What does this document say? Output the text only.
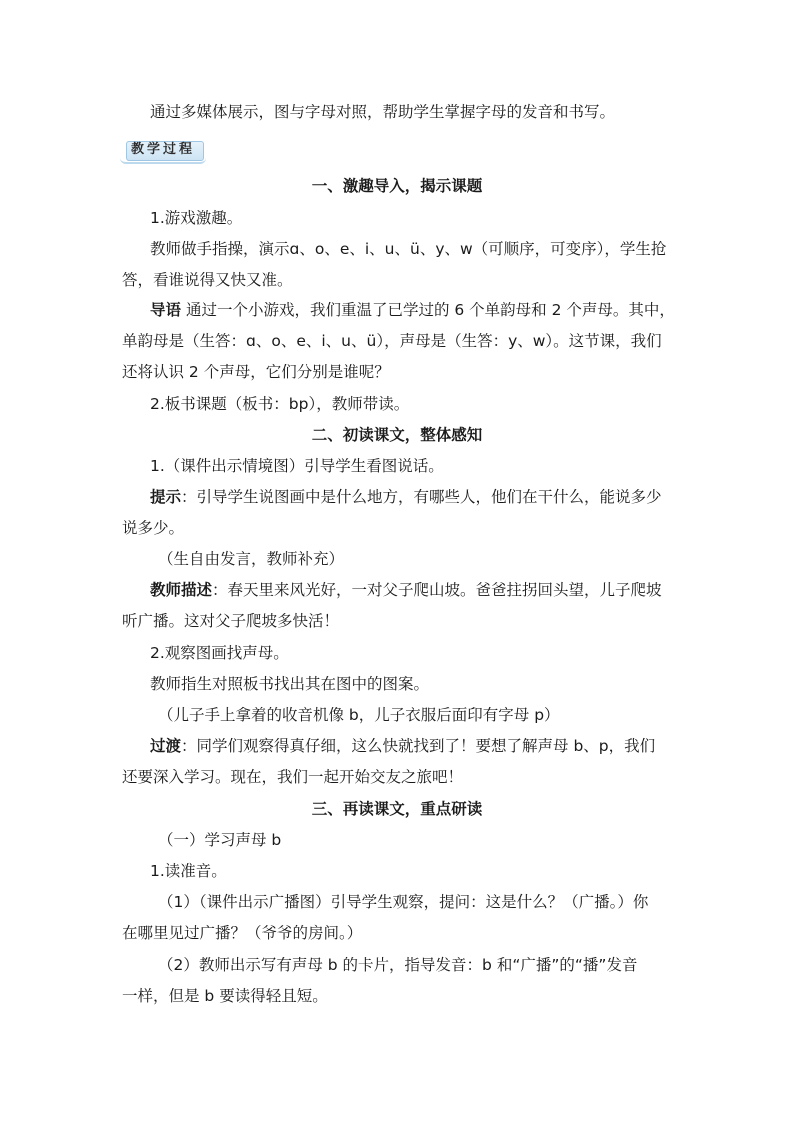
通过多媒体展示，图与字母对照，帮助学生掌握字母的发音和书写。
教学过程
一、激趣导入，揭示课题
1.游戏激趣。
教师做手指操，演示ɑ、o、e、i、u、ü、y、w（可顺序，可变序），学生抢
答，看谁说得又快又准。
导语 通过一个小游戏，我们重温了已学过的 6 个单韵母和 2 个声母。其中，
单韵母是（生答：ɑ、o、e、i、u、ü），声母是（生答：y、w）。这节课，我们
还将认识 2 个声母，它们分别是谁呢？
2.板书课题（板书：bp），教师带读。
二、初读课文，整体感知
1.（课件出示情境图）引导学生看图说话。
提示：引导学生说图画中是什么地方，有哪些人，他们在干什么，能说多少
说多少。
（生自由发言，教师补充）
教师描述：春天里来风光好，一对父子爬山坡。爸爸拄拐回头望，儿子爬坡
听广播。这对父子爬坡多快活！
2.观察图画找声母。
教师指生对照板书找出其在图中的图案。
（儿子手上拿着的收音机像 b，儿子衣服后面印有字母 p）
过渡：同学们观察得真仔细，这么快就找到了！要想了解声母 b、p，我们
还要深入学习。现在，我们一起开始交友之旅吧！
三、再读课文，重点研读
（一）学习声母 b
1.读准音。
（1）（课件出示广播图）引导学生观察，提问：这是什么？（广播。）你
在哪里见过广播？（爷爷的房间。）
（2）教师出示写有声母 b 的卡片，指导发音：b 和“广播”的“播”发音
一样，但是 b 要读得轻且短。
